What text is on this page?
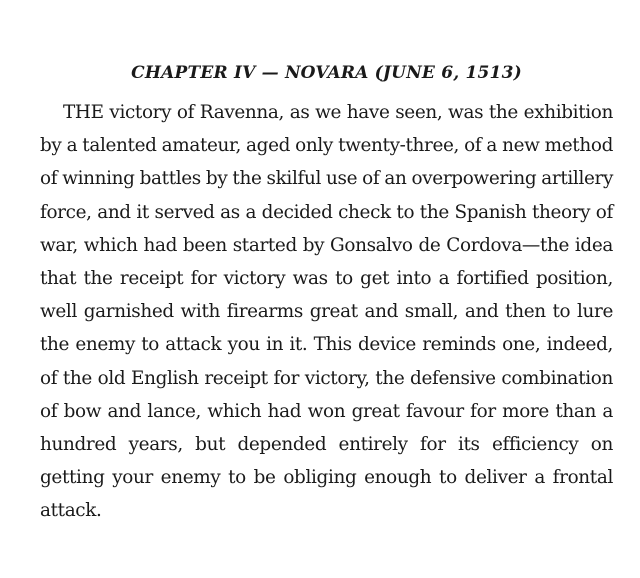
CHAPTER IV — NOVARA (JUNE 6, 1513)

THE victory of Ravenna, as we have seen, was the exhibition by a talented amateur, aged only twenty-three, of a new method of winning battles by the skilful use of an overpowering artillery force, and it served as a decided check to the Spanish theory of war, which had been started by Gonsalvo de Cordova—the idea that the receipt for victory was to get into a fortified position, well garnished with firearms great and small, and then to lure the enemy to attack you in it. This device reminds one, indeed, of the old English receipt for victory, the defensive combination of bow and lance, which had won great favour for more than a hundred years, but depended entirely for its efficiency on getting your enemy to be obliging enough to deliver a frontal attack.
